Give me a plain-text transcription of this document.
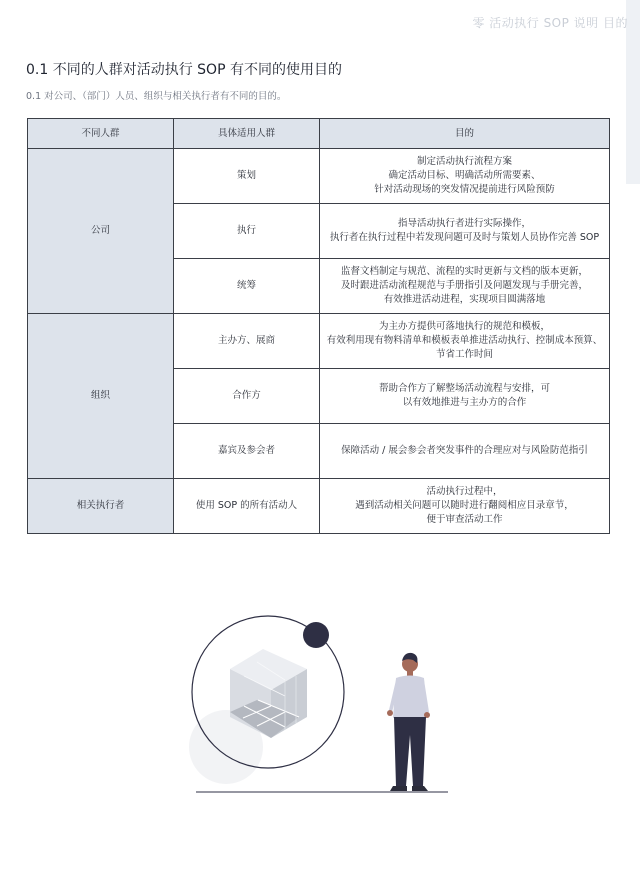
零 活动执行 SOP 说明 目的
0.1 不同的人群对活动执行 SOP 有不同的使用目的
0.1 对公司、（部门）人员、组织与相关执行者有不同的目的。
不同人群	具体适用人群	目的
公司	策划	制定活动执行流程方案
确定活动目标、明确活动所需要素、
针对活动现场的突发情况提前进行风险预防

	执行	指导活动执行者进行实际操作，
执行者在执行过程中若发现问题可及时与策划人员协作完善 SOP

	统筹	监督文档制定与规范、流程的实时更新与文档的版本更新，
及时跟进活动流程规范与手册指引及问题发现与手册完善，
有效推进活动进程，实现项目圆满落地

组织	主办方、展商	为主办方提供可落地执行的规范和模板，
有效利用现有物料清单和模板表单推进活动执行、控制成本预算、
节省工作时间

	合作方	帮助合作方了解整场活动流程与安排，可
以有效地推进与主办方的合作

	嘉宾及参会者	保障活动 / 展会参会者突发事件的合理应对与风险防范指引

相关执行者	使用 SOP 的所有活动人	活动执行过程中，
遇到活动相关问题可以随时进行翻阅相应目录章节，
便于审查活动工作
